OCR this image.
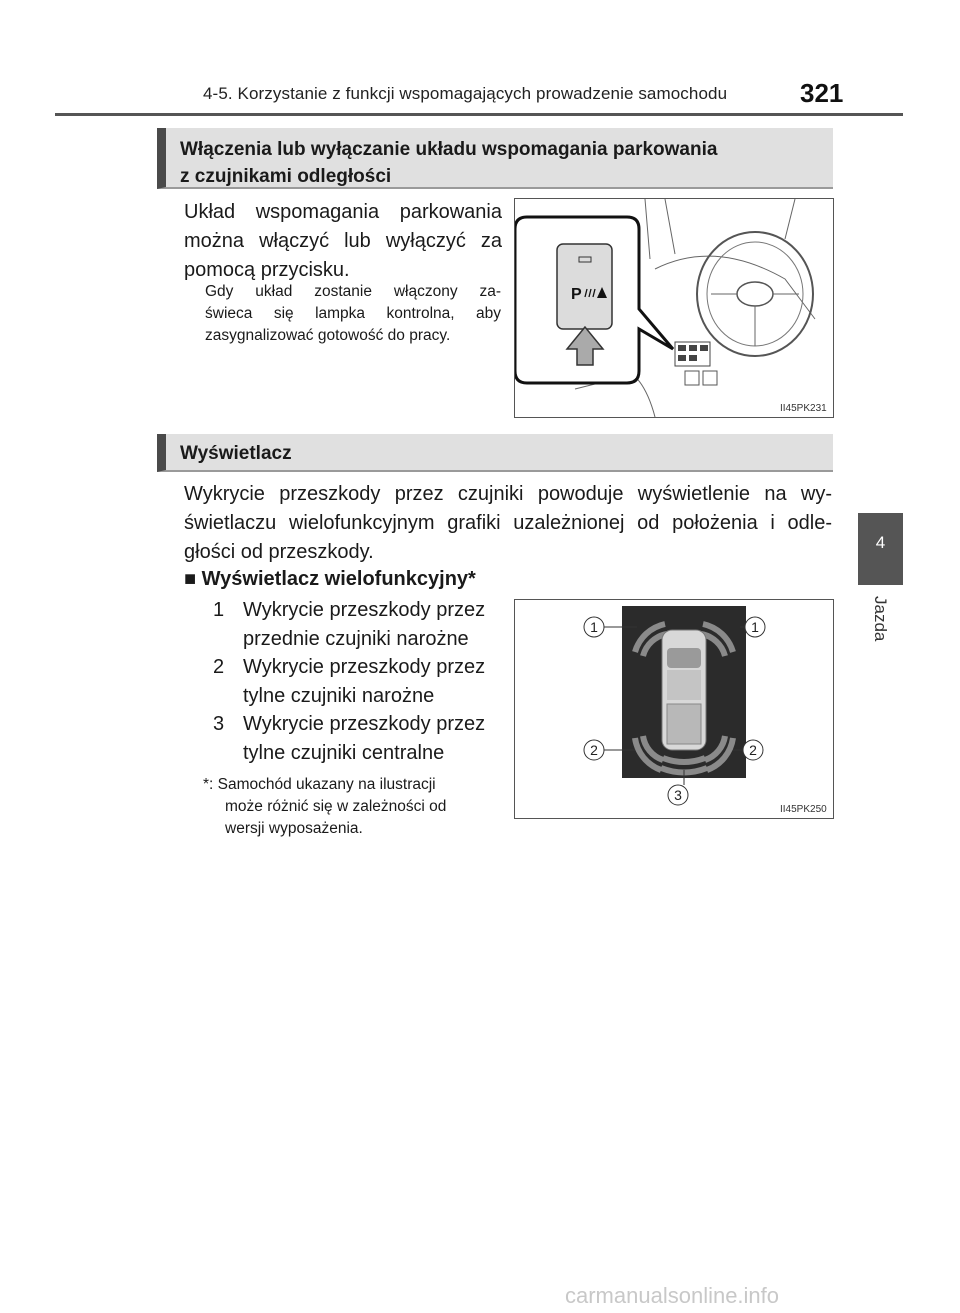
4-5. Korzystanie z funkcji wspomagających prowadzenie samochodu	321
4
Jazda
Włączenia lub wyłączanie układu wspomagania parkowania
z czujnikami odległości
Układ wspomagania parkowania
można włączyć lub wyłączyć za
pomocą przycisku.
Gdy układ zostanie włączony za-
świeca się lampka kontrolna, aby
zasygnalizować gotowość do pracy.
P
II45PK231
Wyświetlacz
Wykrycie przeszkody przez czujniki powoduje wyświetlenie na wy-
świetlaczu wielofunkcyjnym grafiki uzależnionej od położenia i odle-
głości od przeszkody.
■ Wyświetlacz wielofunkcyjny*
1 Wykrycie przeszkody przez
przednie czujniki narożne
2 Wykrycie przeszkody przez
tylne czujniki narożne
3 Wykrycie przeszkody przez
tylne czujniki centralne
*: Samochód ukazany na ilustracji
może różnić się w zależności od
wersji wyposażenia.
1	1
2	2
3
II45PK250
carmanualsonline.info
